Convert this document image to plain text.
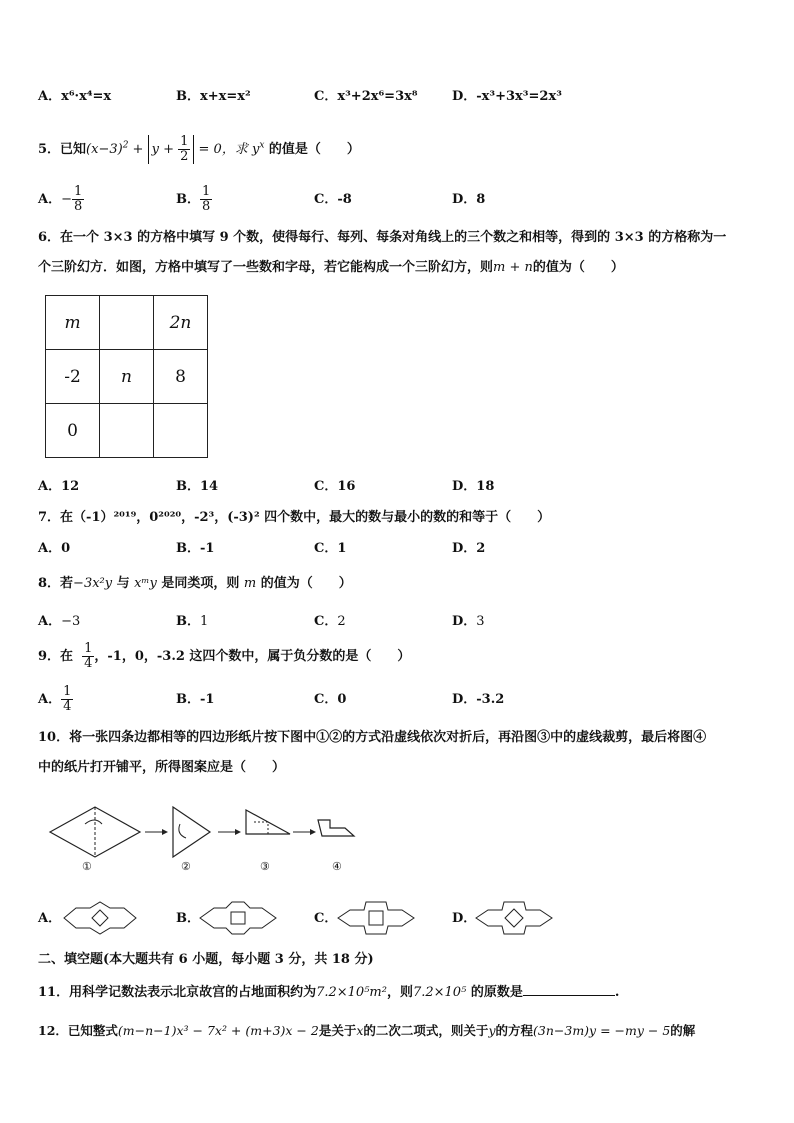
A．x⁶·x⁴=x	B．x+x=x²	C．x³+2x⁶=3x⁸	D．-x³+3x³=2x³
5．已知$(x-3)^2 + y + \frac{1}{2} = 0$，求 $y^x$ 的值是（　　）
A．− $\frac{1}{8}$	B． $\frac{1}{8}$	C．-8	D．8
6．在一个 3×3 的方格中填写 9 个数，使得每行、每列、每条对角线上的三个数之和相等，得到的 3×3 的方格称为一
个三阶幻方．如图，方格中填写了一些数和字母，若它能构成一个三阶幻方，则m + n的值为（　　）
m		2n
-2	n	8
0		
A．12	B．14	C．16	D．18
7．在（-1）²⁰¹⁹，0²⁰²⁰，-2³，(-3)² 四个数中，最大的数与最小的数的和等于（　　）
A．0	B．-1	C．1	D．2
8．若−3x²y 与 xᵐy 是同类项，则 m 的值为（　　）
A．−3	B．1	C．2	D．3
9．在 $\frac{1}{4}$ ，-1，0，-3.2 这四个数中，属于负分数的是（　　）
A． $\frac{1}{4}$	B．-1	C．0	D．-3.2
10．将一张四条边都相等的四边形纸片按下图中①②的方式沿虚线依次对折后，再沿图③中的虚线裁剪，最后将图④
中的纸片打开铺平，所得图案应是（　　）
①	②	③	④
A．	B．	C．	D．
二、填空题(本大题共有 6 小题，每小题 3 分，共 18 分)
11．用科学记数法表示北京故宫的占地面积约为7.2×10⁵m²，则7.2×10⁵ 的原数是	.
12．已知整式(m−n−1)x³ − 7x² + (m+3)x − 2是关于x的二次二项式，则关于y的方程(3n−3m)y = −my − 5的解
